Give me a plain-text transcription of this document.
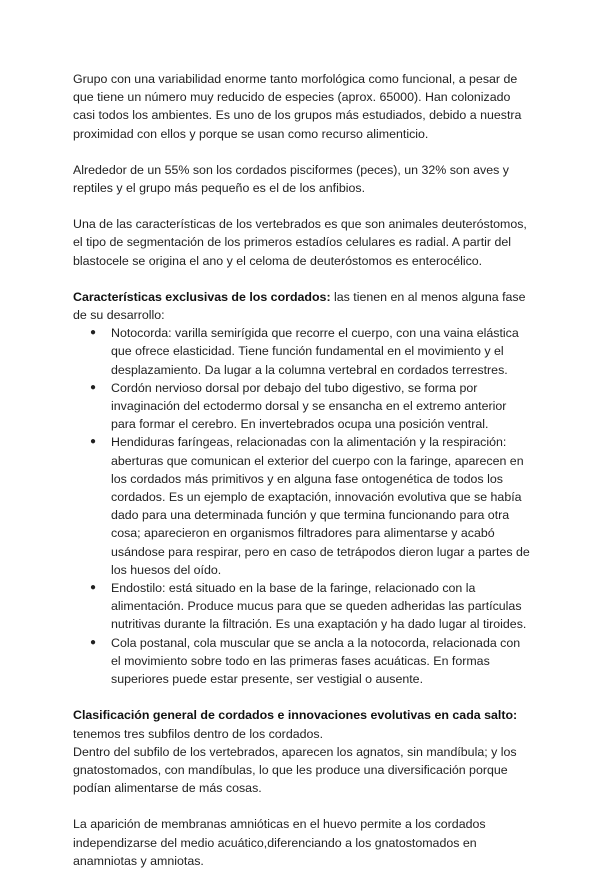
Grupo con una variabilidad enorme tanto morfológica como funcional, a pesar de que tiene un número muy reducido de especies (aprox. 65000). Han colonizado casi todos los ambientes. Es uno de los grupos más estudiados, debido a nuestra proximidad con ellos y porque se usan como recurso alimenticio.

Alrededor de un 55% son los cordados pisciformes (peces), un 32% son aves y reptiles y el grupo más pequeño es el de los anfibios.

Una de las características de los vertebrados es que son animales deuteróstomos, el tipo de segmentación de los primeros estadíos celulares es radial. A partir del blastocele se origina el ano y el celoma de deuteróstomos es enterocélico.

Características exclusivas de los cordados: las tienen en al menos alguna fase de su desarrollo:

● Notocorda: varilla semirígida que recorre el cuerpo, con una vaina elástica que ofrece elasticidad. Tiene función fundamental en el movimiento y el desplazamiento. Da lugar a la columna vertebral en cordados terrestres.
● Cordón nervioso dorsal por debajo del tubo digestivo, se forma por invaginación del ectodermo dorsal y se ensancha en el extremo anterior para formar el cerebro. En invertebrados ocupa una posición ventral.
● Hendiduras faríngeas, relacionadas con la alimentación y la respiración: aberturas que comunican el exterior del cuerpo con la faringe, aparecen en los cordados más primitivos y en alguna fase ontogenética de todos los cordados. Es un ejemplo de exaptación, innovación evolutiva que se había dado para una determinada función y que termina funcionando para otra cosa; aparecieron en organismos filtradores para alimentarse y acabó usándose para respirar, pero en caso de tetrápodos dieron lugar a partes de los huesos del oído.
● Endostilo: está situado en la base de la faringe, relacionado con la alimentación. Produce mucus para que se queden adheridas las partículas nutritivas durante la filtración. Es una exaptación y ha dado lugar al tiroides.
● Cola postanal, cola muscular que se ancla a la notocorda, relacionada con el movimiento sobre todo en las primeras fases acuáticas. En formas superiores puede estar presente, ser vestigial o ausente.

Clasificación general de cordados e innovaciones evolutivas en cada salto:

tenemos tres subfilos dentro de los cordados.

Dentro del subfilo de los vertebrados, aparecen los agnatos, sin mandíbula; y los gnatostomados, con mandíbulas, lo que les produce una diversificación porque podían alimentarse de más cosas.

La aparición de membranas amnióticas en el huevo permite a los cordados independizarse del medio acuático,diferenciando a los gnatostomados en anamniotas y amniotas.
